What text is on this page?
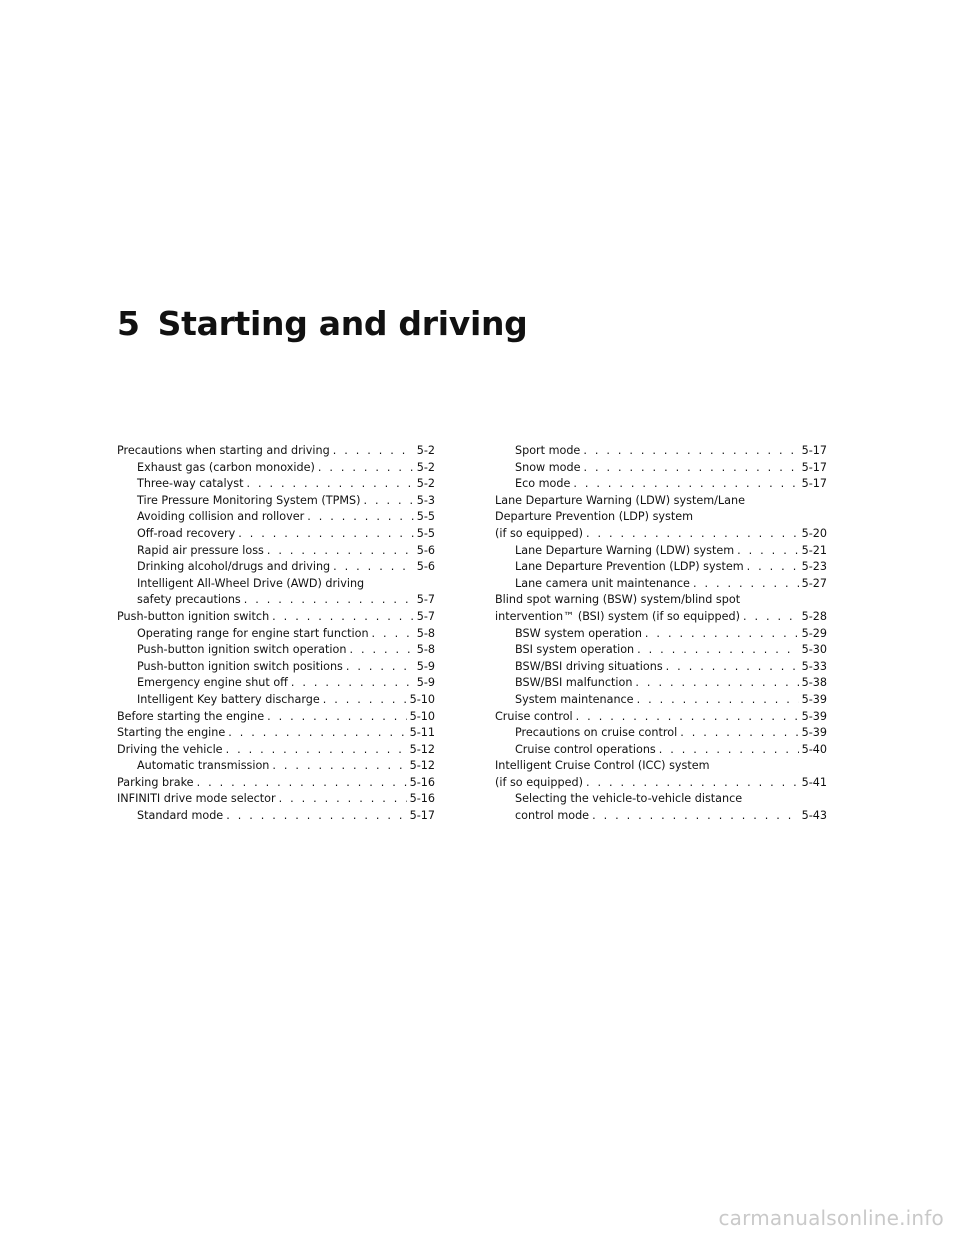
5 Starting and driving
Precautions when starting and driving . . .	5-2
Exhaust gas (carbon monoxide) . . .	5-2
Three-way catalyst . . .	5-2
Tire Pressure Monitoring System (TPMS) . . .	5-3
Avoiding collision and rollover . . .	5-5
Off-road recovery . . .	5-5
Rapid air pressure loss . . .	5-6
Drinking alcohol/drugs and driving . . .	5-6
Intelligent All-Wheel Drive (AWD) driving
safety precautions . . .	5-7
Push-button ignition switch . . .	5-7
Operating range for engine start function . . .	5-8
Push-button ignition switch operation . . .	5-8
Push-button ignition switch positions . . .	5-9
Emergency engine shut off . . .	5-9
Intelligent Key battery discharge . . .	5-10
Before starting the engine . . .	5-10
Starting the engine . . .	5-11
Driving the vehicle . . .	5-12
Automatic transmission . . .	5-12
Parking brake . . .	5-16
INFINITI drive mode selector . . .	5-16
Standard mode . . .	5-17
Sport mode . . .	5-17
Snow mode . . .	5-17
Eco mode . . .	5-17
Lane Departure Warning (LDW) system/Lane
Departure Prevention (LDP) system
(if so equipped) . . .	5-20
Lane Departure Warning (LDW) system . . .	5-21
Lane Departure Prevention (LDP) system . . .	5-23
Lane camera unit maintenance . . .	5-27
Blind spot warning (BSW) system/blind spot
intervention™ (BSI) system (if so equipped) . . .	5-28
BSW system operation . . .	5-29
BSI system operation . . .	5-30
BSW/BSI driving situations . . .	5-33
BSW/BSI malfunction . . .	5-38
System maintenance . . .	5-39
Cruise control . . .	5-39
Precautions on cruise control . . .	5-39
Cruise control operations . . .	5-40
Intelligent Cruise Control (ICC) system
(if so equipped) . . .	5-41
Selecting the vehicle-to-vehicle distance
control mode . . .	5-43
carmanualsonline.info
